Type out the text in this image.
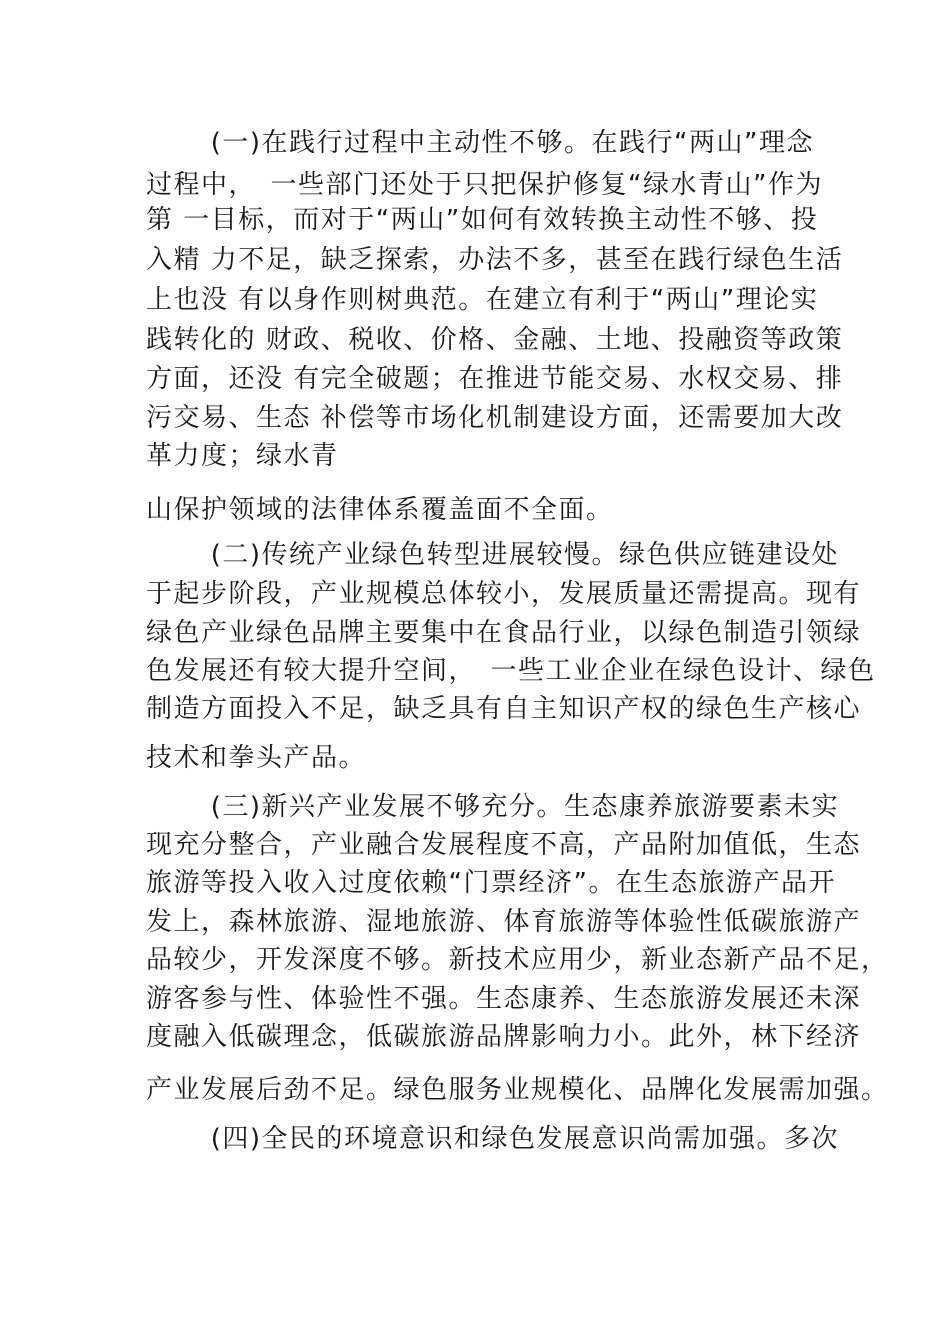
　 　(一)在践行过程中主动性不够。在践行“两山”理念
过程中，　一些部门还处于只把保护修复“绿水青山”作为
第 一目标，而对于“两山”如何有效转换主动性不够、投
入精 力不足，缺乏探索，办法不多，甚至在践行绿色生活
上也没 有以身作则树典范。在建立有利于“两山”理论实
践转化的 财政、税收、价格、金融、土地、投融资等政策
方面，还没 有完全破题；在推进节能交易、水权交易、排
污交易、生态 补偿等市场化机制建设方面，还需要加大改
革力度；绿水青
山保护领域的法律体系覆盖面不全面。
　 　(二)传统产业绿色转型进展较慢。绿色供应链建设处
于起步阶段，产业规模总体较小，发展质量还需提高。现有
绿色产业绿色品牌主要集中在食品行业，以绿色制造引领绿
色发展还有较大提升空间，　一些工业企业在绿色设计、绿色
制造方面投入不足，缺乏具有自主知识产权的绿色生产核心
技术和拳头产品。
　 　(三)新兴产业发展不够充分。生态康养旅游要素未实
现充分整合，产业融合发展程度不高，产品附加值低，生态
旅游等投入收入过度依赖“门票经济”。在生态旅游产品开
发上，森林旅游、湿地旅游、体育旅游等体验性低碳旅游产
品较少，开发深度不够。新技术应用少，新业态新产品不足，
游客参与性、体验性不强。生态康养、生态旅游发展还未深
度融入低碳理念，低碳旅游品牌影响力小。此外，林下经济
产业发展后劲不足。绿色服务业规模化、品牌化发展需加强。
　 　(四)全民的环境意识和绿色发展意识尚需加强。多次
